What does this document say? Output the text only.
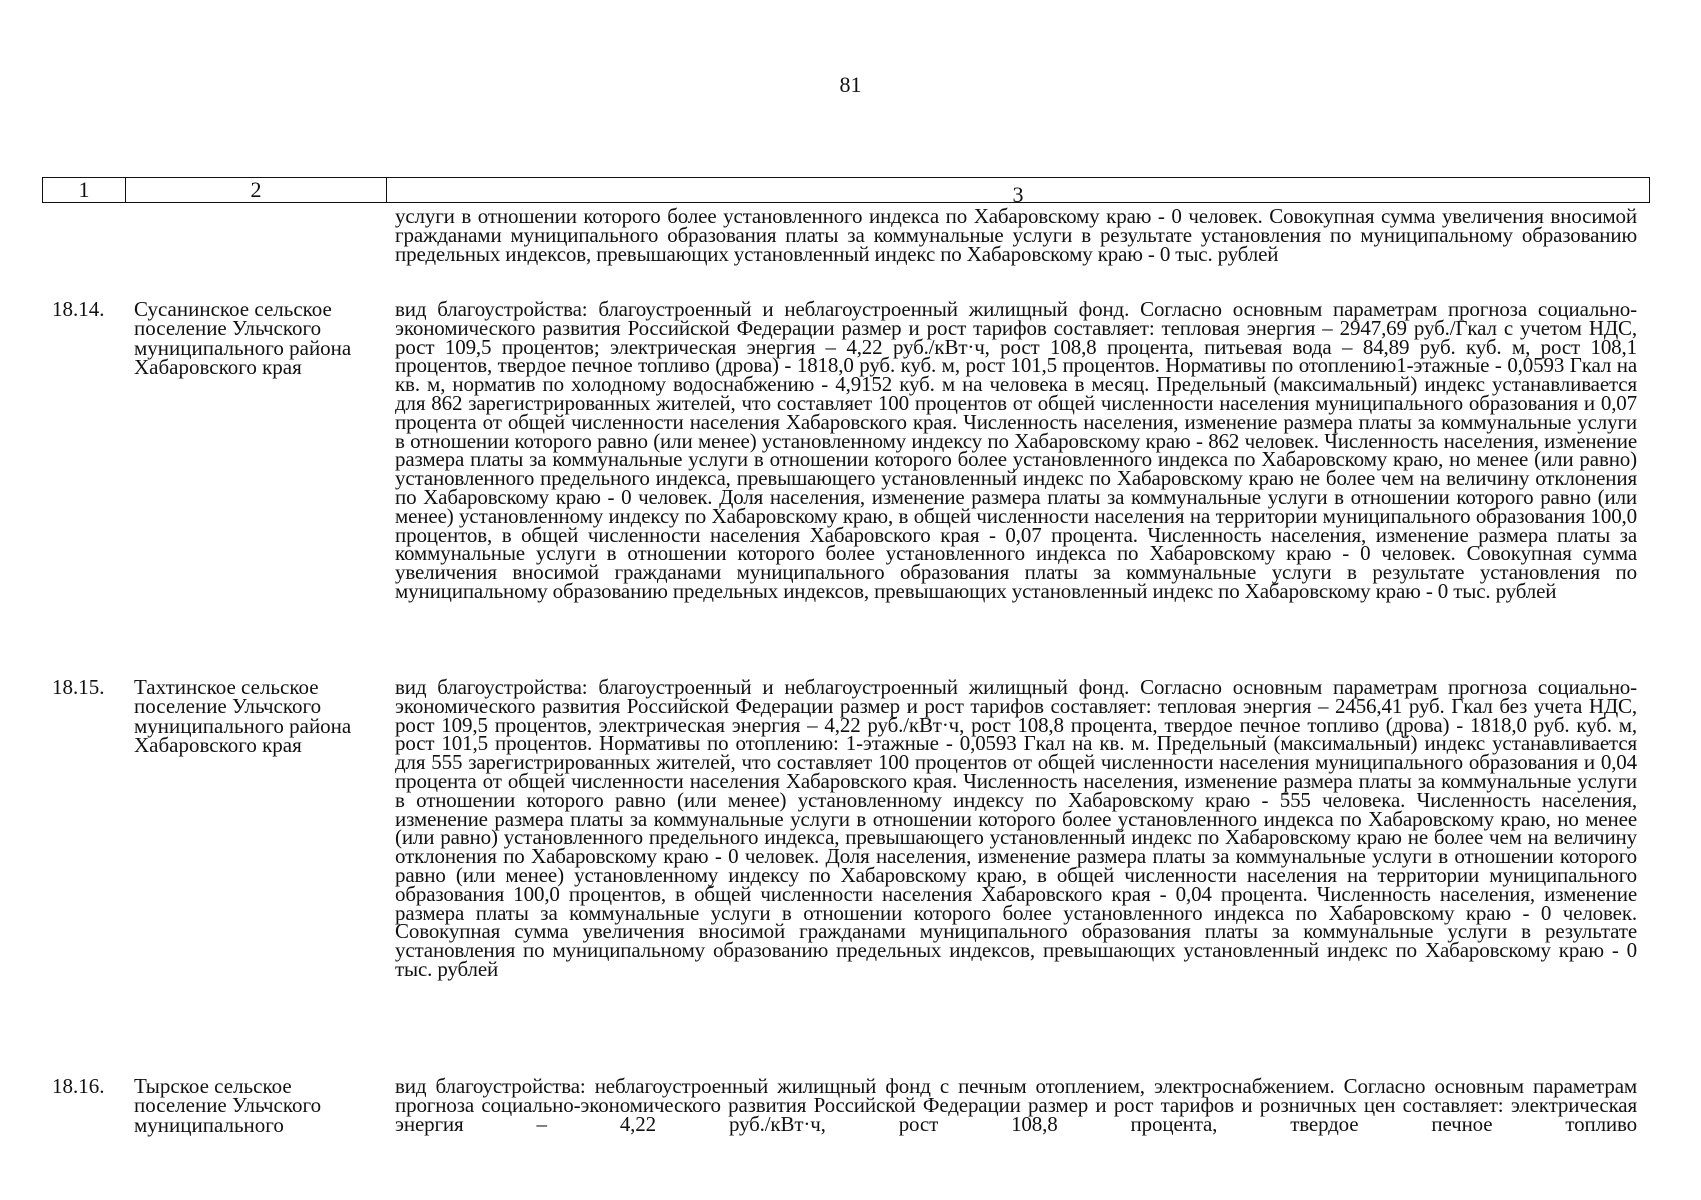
81
1	2	3
услуги в отношении которого более установленного индекса по Хабаровскому краю - 0 человек. Совокупная сумма увеличения вносимой гражданами муниципального образования платы за коммунальные услуги в результате установления по муниципальному образованию предельных индексов, превышающих установленный индекс по Хабаровскому краю - 0 тыс. рублей
18.14. Сусанинское сельское поселение Ульчского муниципального района Хабаровского края
вид благоустройства: благоустроенный и неблагоустроенный жилищный фонд. Согласно основным параметрам прогноза социально-экономического развития Российской Федерации размер и рост тарифов составляет: тепловая энергия – 2947,69 руб./Гкал с учетом НДС, рост 109,5 процентов; электрическая энергия – 4,22 руб./кВт·ч, рост 108,8 процента, питьевая вода – 84,89 руб. куб. м, рост 108,1 процентов, твердое печное топливо (дрова) - 1818,0 руб. куб. м, рост 101,5 процентов. Нормативы по отоплению1-этажные - 0,0593 Гкал на кв. м, норматив по холодному водоснабжению - 4,9152 куб. м на человека в месяц. Предельный (максимальный) индекс устанавливается для 862 зарегистрированных жителей, что составляет 100 процентов от общей численности населения муниципального образования и 0,07 процента от общей численности населения Хабаровского края. Численность населения, изменение размера платы за коммунальные услуги в отношении которого равно (или менее) установленному индексу по Хабаровскому краю - 862 человек. Численность населения, изменение размера платы за коммунальные услуги в отношении которого более установленного индекса по Хабаровскому краю, но менее (или равно) установленного предельного индекса, превышающего установленный индекс по Хабаровскому краю не более чем на величину отклонения по Хабаровскому краю - 0 человек. Доля населения, изменение размера платы за коммунальные услуги в отношении которого равно (или менее) установленному индексу по Хабаровскому краю, в общей численности населения на территории муниципального образования 100,0 процентов, в общей численности населения Хабаровского края - 0,07 процента. Численность населения, изменение размера платы за коммунальные услуги в отношении которого более установленного индекса по Хабаровскому краю - 0 человек. Совокупная сумма увеличения вносимой гражданами муниципального образования платы за коммунальные услуги в результате установления по муниципальному образованию предельных индексов, превышающих установленный индекс по Хабаровскому краю - 0 тыс. рублей
18.15. Тахтинское сельское поселение Ульчского муниципального района Хабаровского края
вид благоустройства: благоустроенный и неблагоустроенный жилищный фонд. Согласно основным параметрам прогноза социально-экономического развития Российской Федерации размер и рост тарифов составляет: тепловая энергия – 2456,41 руб. Гкал без учета НДС, рост 109,5 процентов, электрическая энергия – 4,22 руб./кВт·ч, рост 108,8 процента, твердое печное топливо (дрова) - 1818,0 руб. куб. м, рост 101,5 процентов. Нормативы по отоплению: 1-этажные - 0,0593 Гкал на кв. м. Предельный (максимальный) индекс устанавливается для 555 зарегистрированных жителей, что составляет 100 процентов от общей численности населения муниципального образования и 0,04 процента от общей численности населения Хабаровского края. Численность населения, изменение размера платы за коммунальные услуги в отношении которого равно (или менее) установленному индексу по Хабаровскому краю - 555 человека. Численность населения, изменение размера платы за коммунальные услуги в отношении которого более установленного индекса по Хабаровскому краю, но менее (или равно) установленного предельного индекса, превышающего установленный индекс по Хабаровскому краю не более чем на величину отклонения по Хабаровскому краю - 0 человек. Доля населения, изменение размера платы за коммунальные услуги в отношении которого равно (или менее) установленному индексу по Хабаровскому краю, в общей численности населения на территории муниципального образования 100,0 процентов, в общей численности населения Хабаровского края - 0,04 процента. Численность населения, изменение размера платы за коммунальные услуги в отношении которого более установленного индекса по Хабаровскому краю - 0 человек. Совокупная сумма увеличения вносимой гражданами муниципального образования платы за коммунальные услуги в результате установления по муниципальному образованию предельных индексов, превышающих установленный индекс по Хабаровскому краю - 0 тыс. рублей
18.16. Тырское сельское поселение Ульчского муниципального
вид благоустройства: неблагоустроенный жилищный фонд с печным отоплением, электроснабжением. Согласно основным параметрам прогноза социально-экономического развития Российской Федерации размер и рост тарифов и розничных цен составляет: электрическая энергия – 4,22 руб./кВт·ч, рост 108,8 процента, твердое печное топливо
